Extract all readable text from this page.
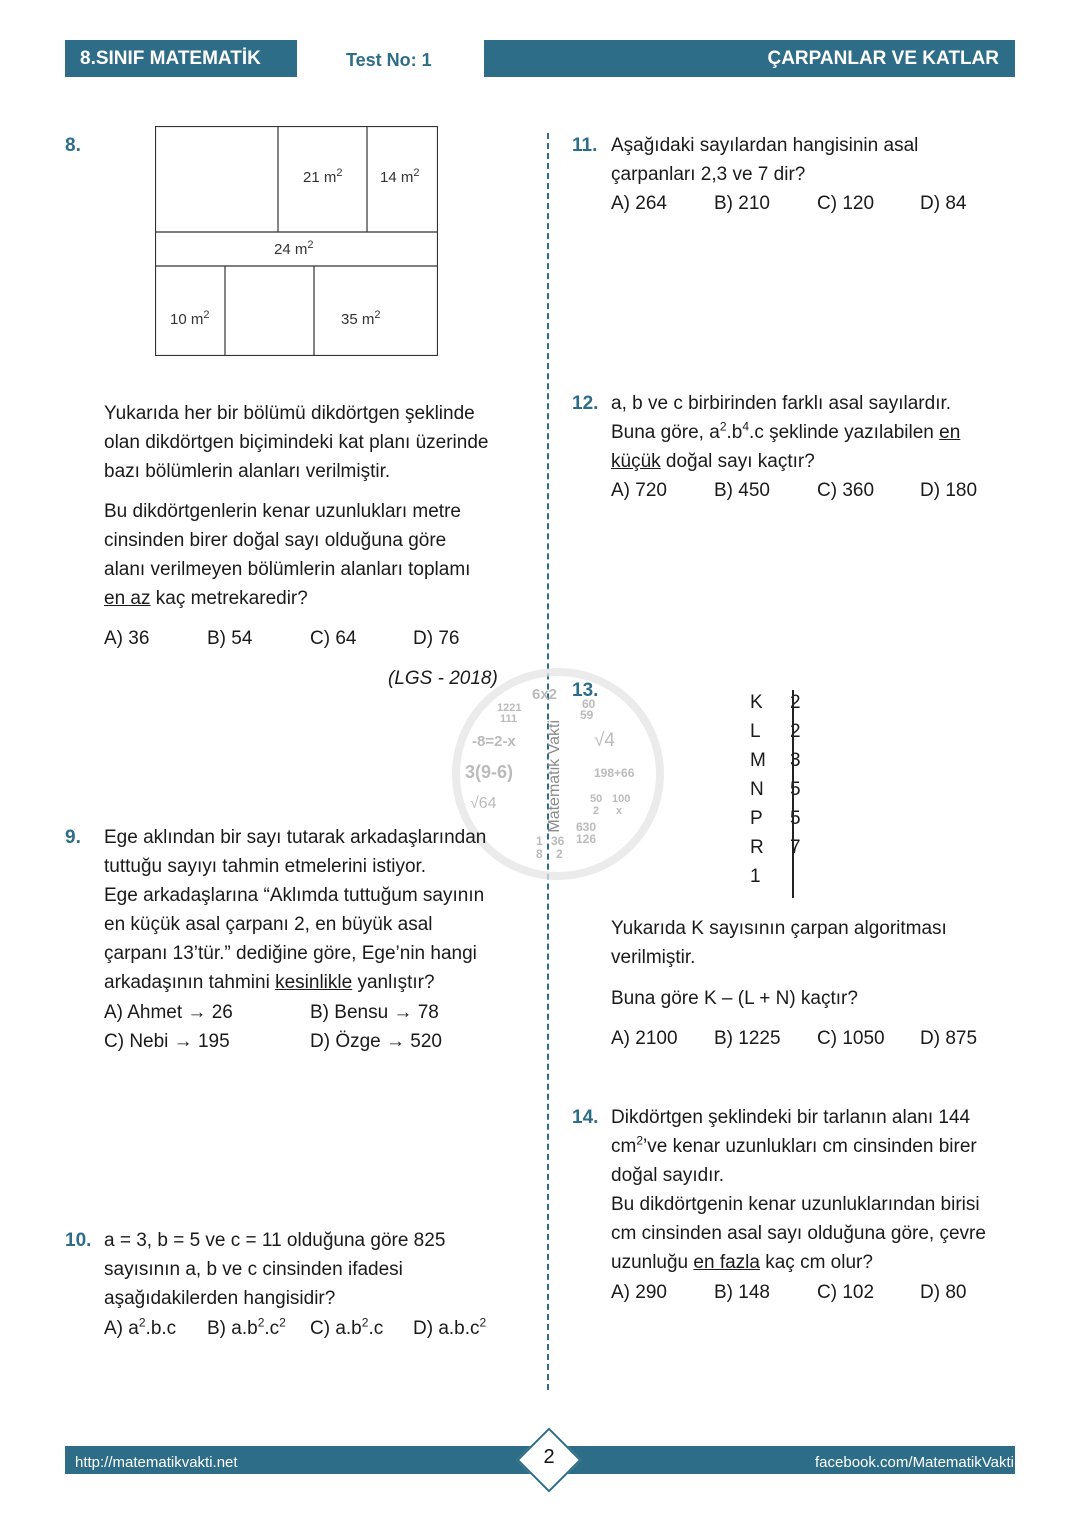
8.SINIF MATEMATİK	Test No: 1	ÇARPANLAR VE KATLAR
Matematik Vakti
6x2
60
59
√4
-8=2-x
3(9-6)	198+66
√64	50 100
2 x
630
126
36
2
1221
111
1
8
8.
21 $m^2$	14 $m^2$
24 $m^2$
10 $m^2$	35 $m^2$
Yukarıda her bir bölümü dikdörtgen şeklinde
olan dikdörtgen biçimindeki kat planı üzerinde
bazı bölümlerin alanları verilmiştir.
Bu dikdörtgenlerin kenar uzunlukları metre
cinsinden birer doğal sayı olduğuna göre
alanı verilmeyen bölümlerin alanları toplamı
en az kaç metrekaredir?
A) 36	B) 54	C) 64	D) 76
(LGS - 2018)
9. Ege aklından bir sayı tutarak arkadaşlarından
tuttuğu sayıyı tahmin etmelerini istiyor.
Ege arkadaşlarına “Aklımda tuttuğum sayının
en küçük asal çarpanı 2, en büyük asal
çarpanı 13’tür.” dediğine göre, Ege’nin hangi
arkadaşının tahmini kesinlikle yanlıştır?
A) Ahmet → 26	B) Bensu → 78
C) Nebi → 195	D) Özge → 520
10. a = 3, b = 5 ve c = 11 olduğuna göre 825
sayısının a, b ve c cinsinden ifadesi
aşağıdakilerden hangisidir?
A) $a^2.b.c$	B) $a.b^2.c^2$	C) $a.b^2.c$	D) $a.b.c^2$
11. Aşağıdaki sayılardan hangisinin asal
çarpanları 2,3 ve 7 dir?
A) 264	B) 210	C) 120	D) 84
12. a, b ve c birbirinden farklı asal sayılardır.
Buna göre, $a^2.b^4.c$ şeklinde yazılabilen en
küçük doğal sayı kaçtır?
A) 720	B) 450	C) 360	D) 180
13.
K	2
L	2
M	3
N	5
P	5
R	7
1
Yukarıda K sayısının çarpan algoritması
verilmiştir.
Buna göre K – (L + N) kaçtır?
A) 2100	B) 1225	C) 1050	D) 875
14. Dikdörtgen şeklindeki bir tarlanın alanı 144
$cm^2’ve$ kenar uzunlukları cm cinsinden birer
doğal sayıdır.
Bu dikdörtgenin kenar uzunluklarından birisi
cm cinsinden asal sayı olduğuna göre, çevre
uzunluğu en fazla kaç cm olur?
A) 290	B) 148	C) 102	D) 80
http://matematikvakti.net	facebook.com/MatematikVakti
2
